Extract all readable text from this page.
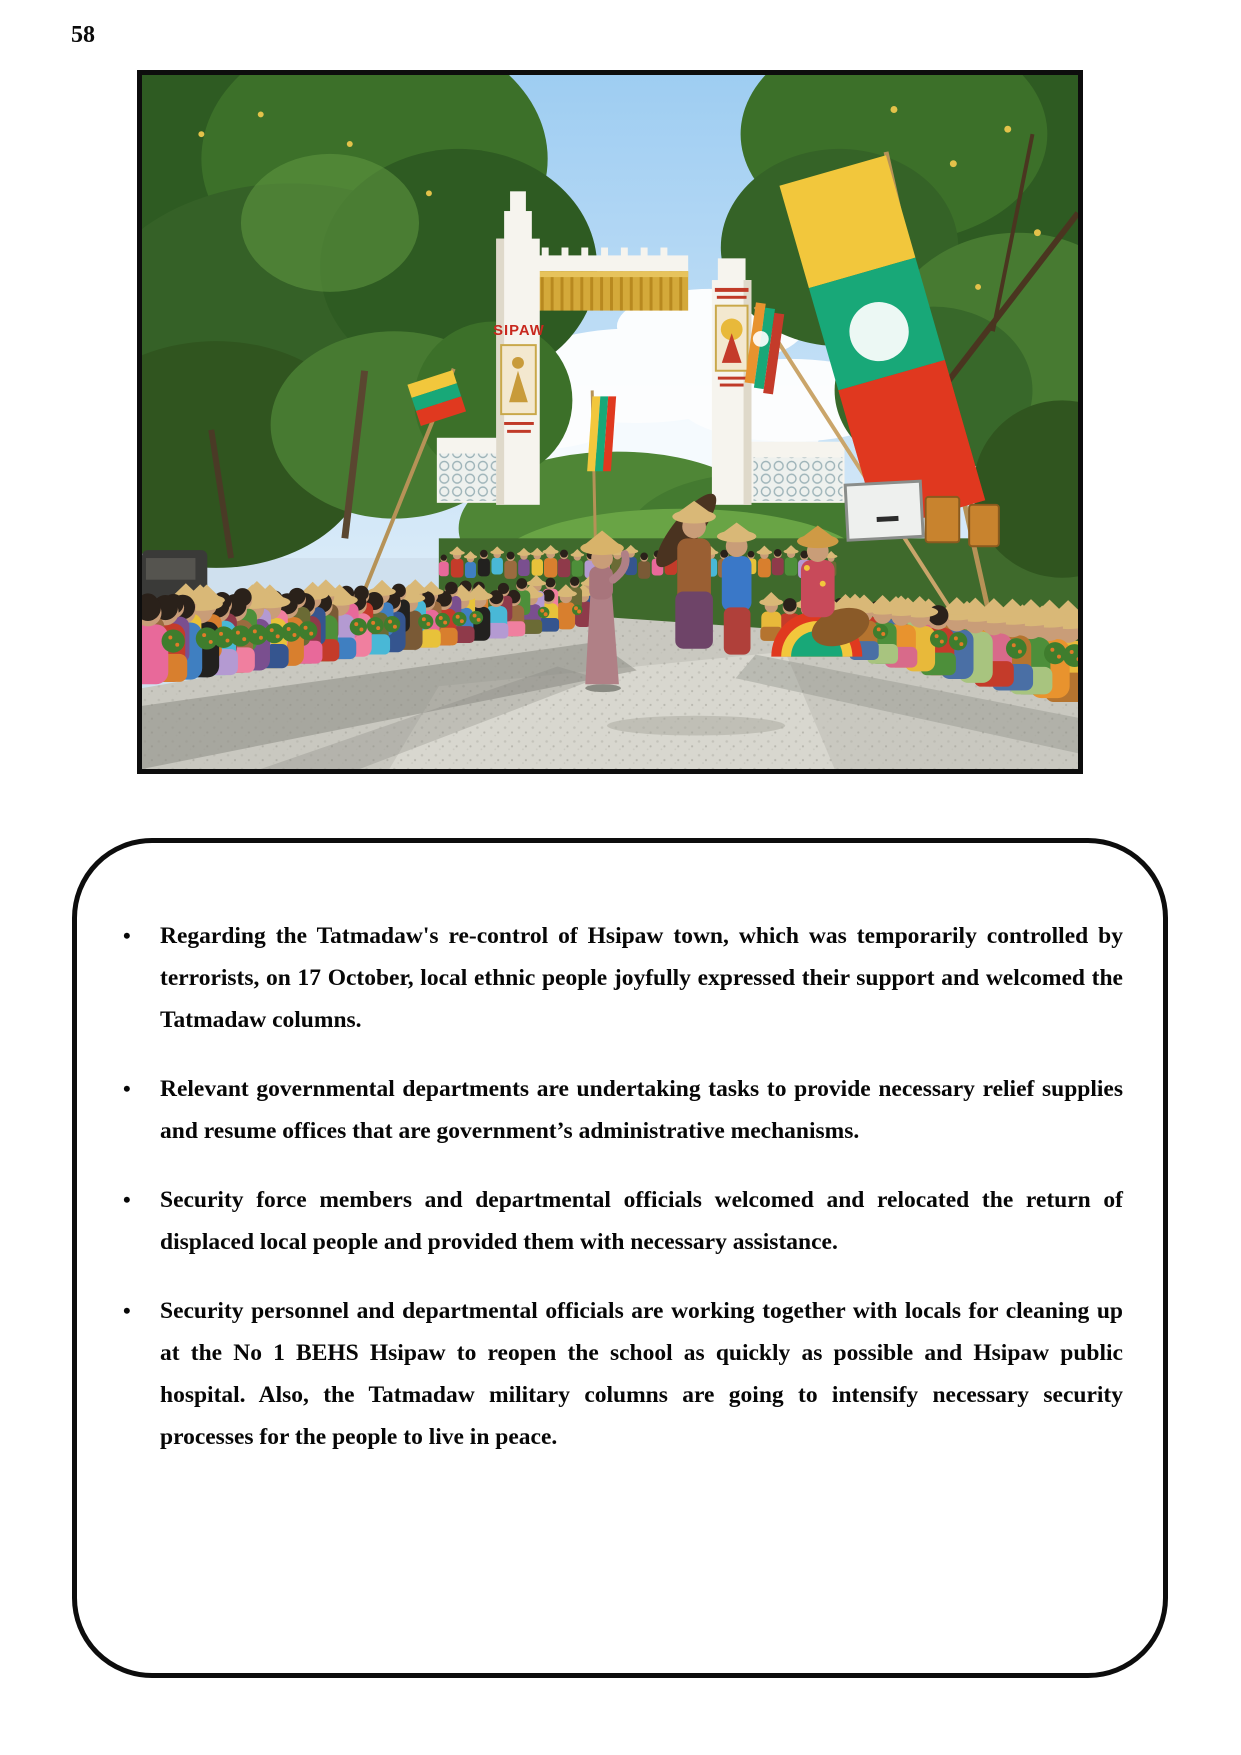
58
SIPAW
•	Regarding the Tatmadaw's re-control of Hsipaw town, which was temporarily controlled by terrorists, on 17 October, local ethnic people joyfully expressed their support and welcomed the Tatmadaw columns.

•	Relevant governmental departments are undertaking tasks to provide necessary relief supplies and resume offices that are government’s administrative mechanisms.

•	Security force members and departmental officials welcomed and relocated the return of displaced local people and provided them with necessary assistance.

•	Security personnel and departmental officials are working together with locals for cleaning up at the No 1 BEHS Hsipaw to reopen the school as quickly as possible and Hsipaw public hospital. Also, the Tatmadaw military columns are going to intensify necessary security processes for the people to live in peace.
